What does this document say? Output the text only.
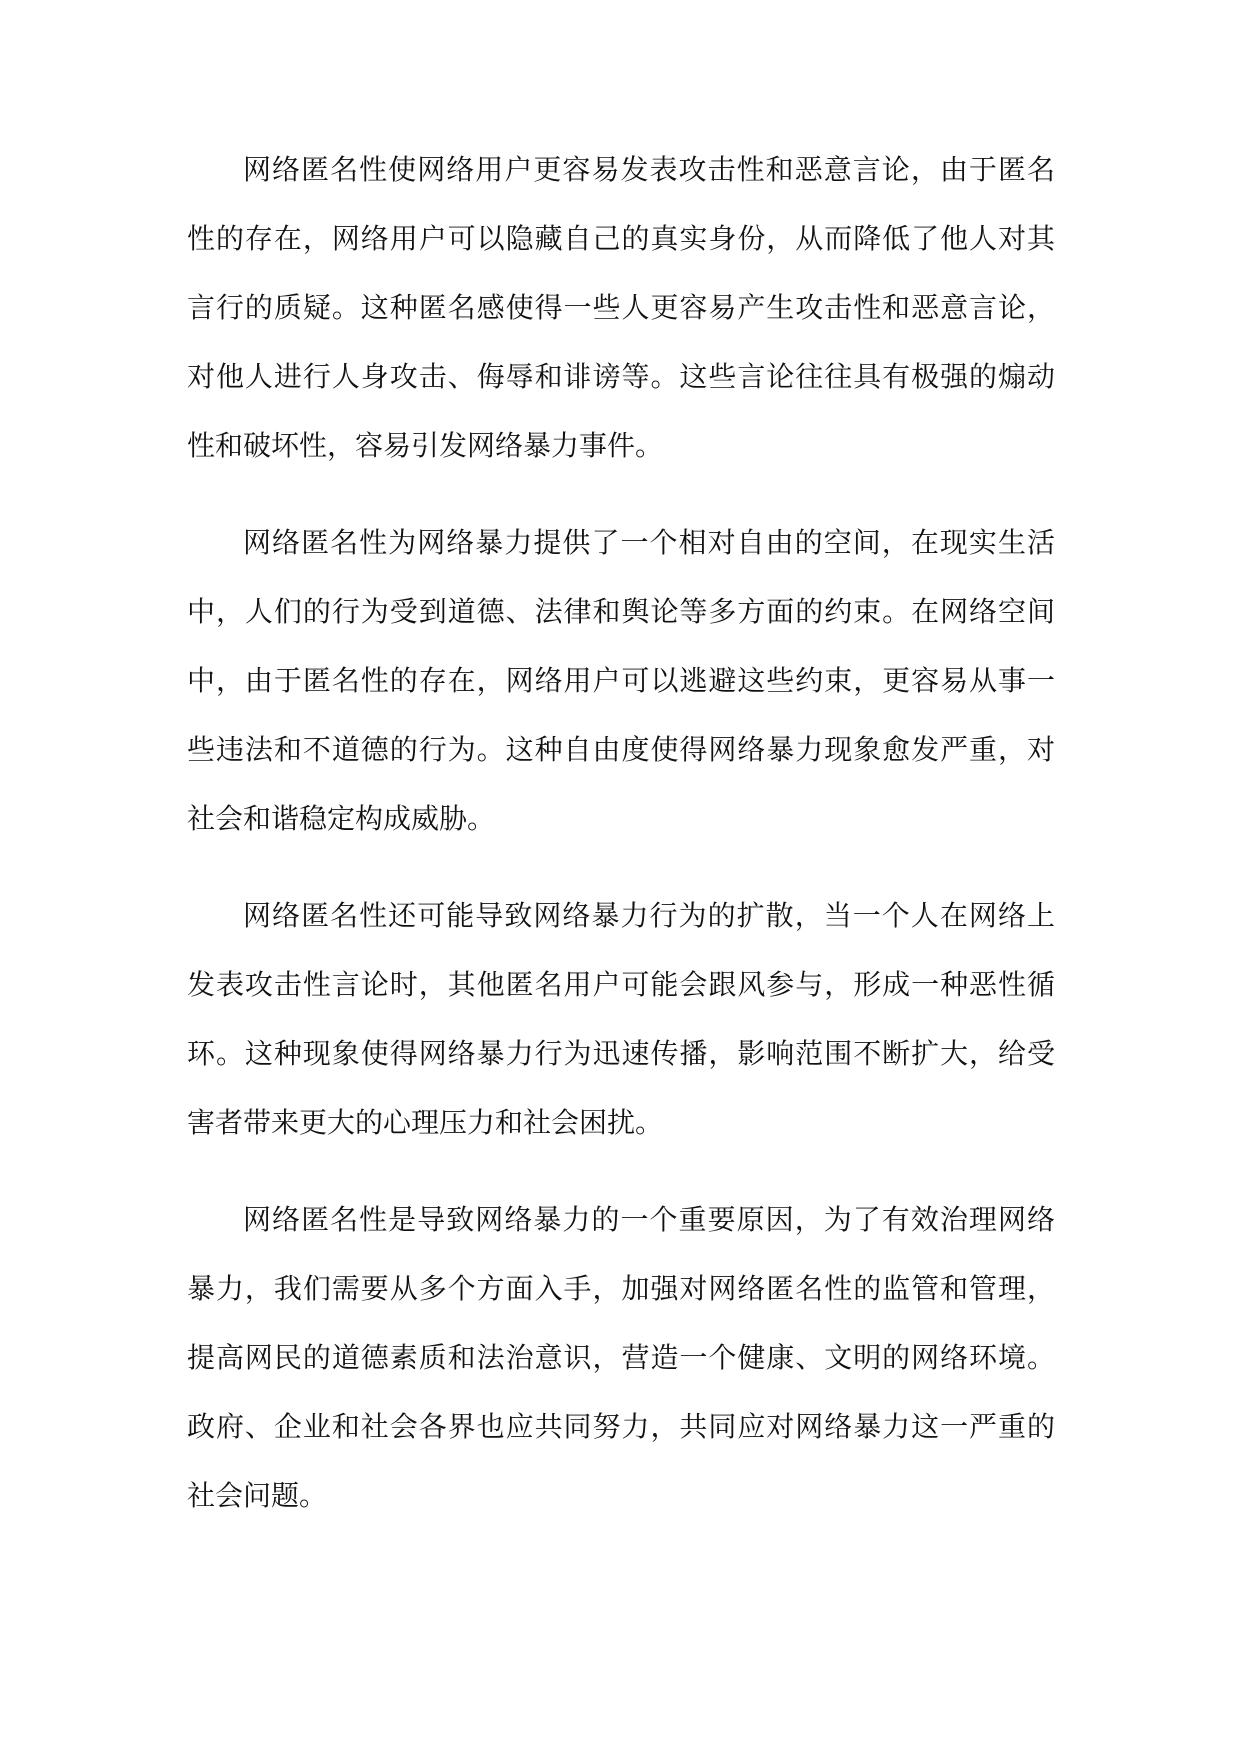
网络匿名性使网络用户更容易发表攻击性和恶意言论，由于匿名
性的存在，网络用户可以隐藏自己的真实身份，从而降低了他人对其
言行的质疑。这种匿名感使得一些人更容易产生攻击性和恶意言论，
对他人进行人身攻击、侮辱和诽谤等。这些言论往往具有极强的煽动
性和破坏性，容易引发网络暴力事件。

网络匿名性为网络暴力提供了一个相对自由的空间，在现实生活
中，人们的行为受到道德、法律和舆论等多方面的约束。在网络空间
中，由于匿名性的存在，网络用户可以逃避这些约束，更容易从事一
些违法和不道德的行为。这种自由度使得网络暴力现象愈发严重，对
社会和谐稳定构成威胁。

网络匿名性还可能导致网络暴力行为的扩散，当一个人在网络上
发表攻击性言论时，其他匿名用户可能会跟风参与，形成一种恶性循
环。这种现象使得网络暴力行为迅速传播，影响范围不断扩大，给受
害者带来更大的心理压力和社会困扰。

网络匿名性是导致网络暴力的一个重要原因，为了有效治理网络
暴力，我们需要从多个方面入手，加强对网络匿名性的监管和管理，
提高网民的道德素质和法治意识，营造一个健康、文明的网络环境。
政府、企业和社会各界也应共同努力，共同应对网络暴力这一严重的
社会问题。
